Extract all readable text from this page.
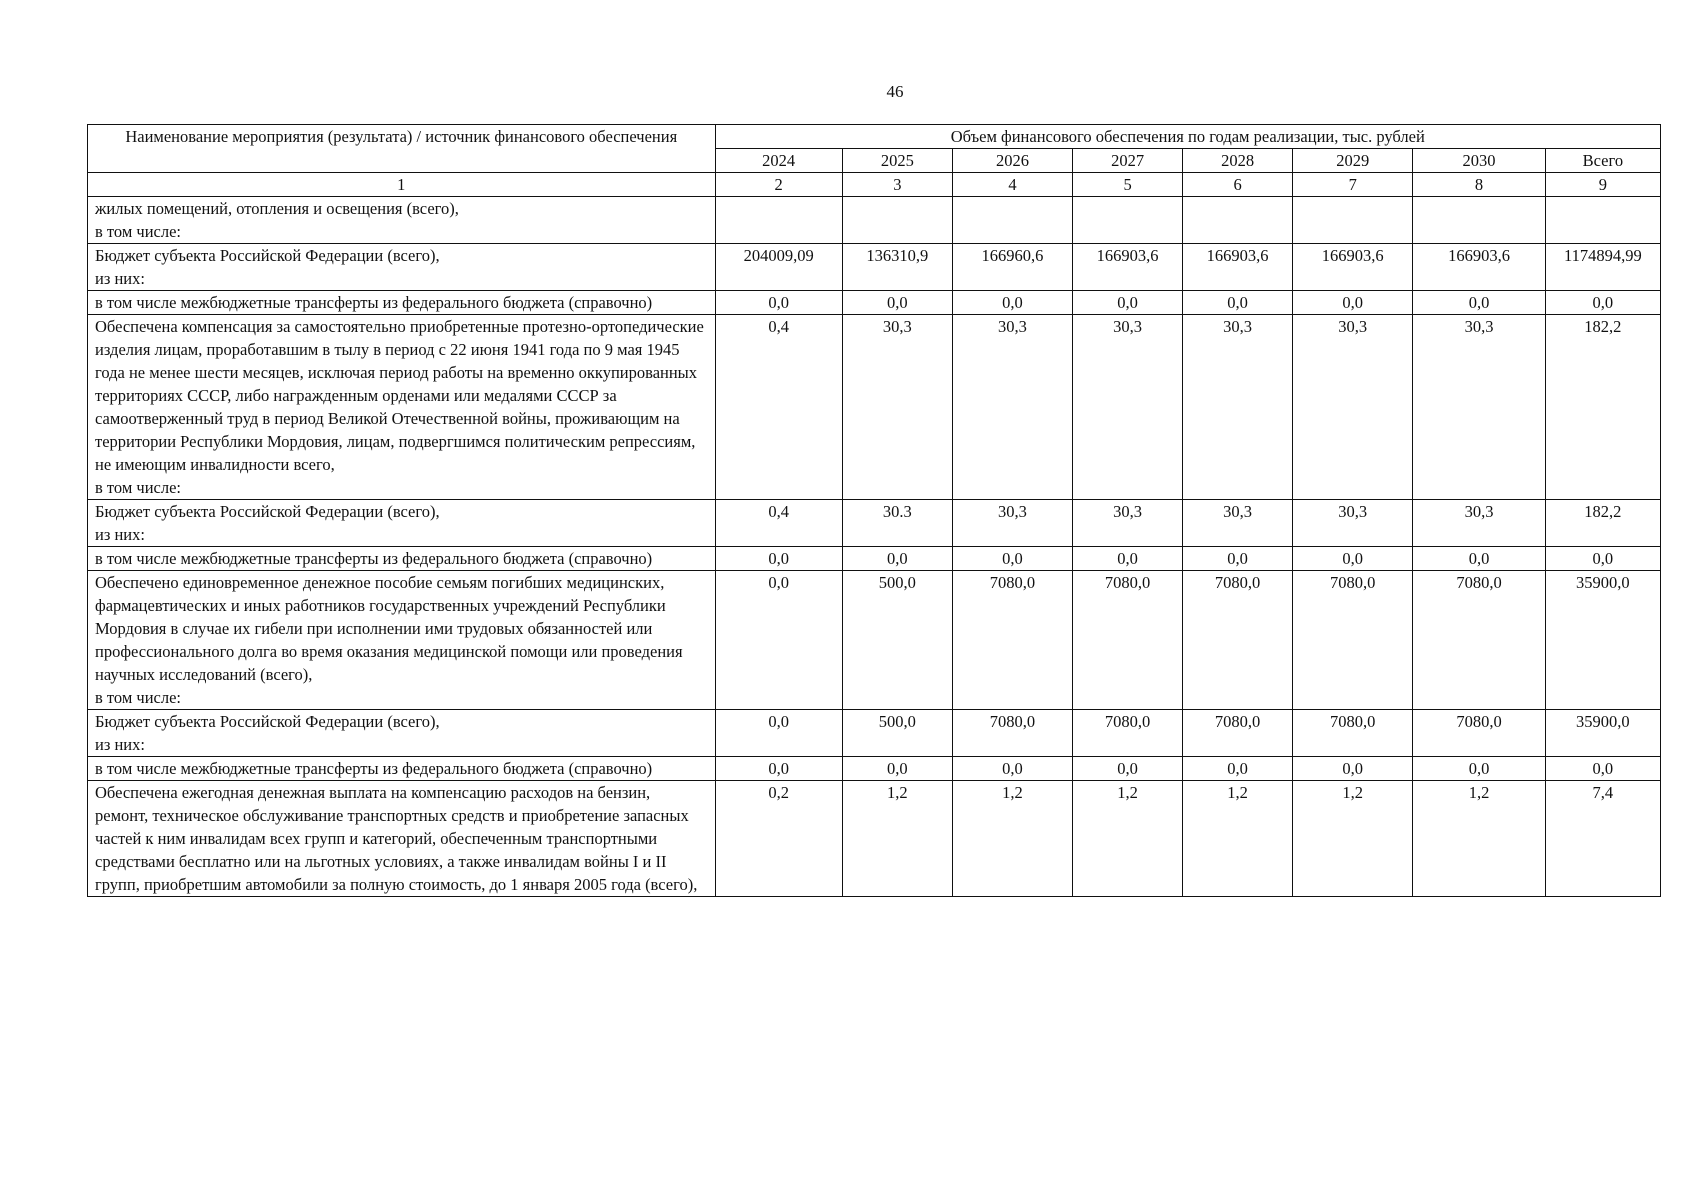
46
Наименование мероприятия (результата) / источник финансового обеспечения	Объем финансового обеспечения по годам реализации, тыс. рублей							
	2024	2025	2026	2027	2028	2029	2030	Всего
1	2	3	4	5	6	7	8	9
жилых помещений, отопления и освещения (всего),
в том числе:								

Бюджет субъекта Российской Федерации (всего),
из них:	204009,09	136310,9	166960,6	166903,6	166903,6	166903,6	166903,6	1174894,99
в том числе межбюджетные трансферты из федерального бюджета (справочно)	0,0	0,0	0,0	0,0	0,0	0,0	0,0	0,0
Обеспечена компенсация за самостоятельно приобретенные протезно-ортопедические изделия лицам, проработавшим в тылу в период с 22 июня 1941 года по 9 мая 1945 года не менее шести месяцев, исключая период работы на временно оккупированных территориях СССР, либо награжденным орденами или медалями СССР за самоотверженный труд в период Великой Отечественной войны, проживающим на территории Республики Мордовия, лицам, подвергшимся политическим репрессиям, не имеющим инвалидности всего,
в том числе:	0,4	30,3	30,3	30,3	30,3	30,3	30,3	182,2
Бюджет субъекта Российской Федерации (всего),
из них:	0,4	30.3	30,3	30,3	30,3	30,3	30,3	182,2
в том числе межбюджетные трансферты из федерального бюджета (справочно)	0,0	0,0	0,0	0,0	0,0	0,0	0,0	0,0
Обеспечено единовременное денежное пособие семьям погибших медицинских, фармацевтических и иных работников государственных учреждений Республики Мордовия в случае их гибели при исполнении ими трудовых обязанностей или профессионального долга во время оказания медицинской помощи или проведения научных исследований (всего),
в том числе:	0,0	500,0	7080,0	7080,0	7080,0	7080,0	7080,0	35900,0
Бюджет субъекта Российской Федерации (всего),
из них:	0,0	500,0	7080,0	7080,0	7080,0	7080,0	7080,0	35900,0
в том числе межбюджетные трансферты из федерального бюджета (справочно)	0,0	0,0	0,0	0,0	0,0	0,0	0,0	0,0
Обеспечена ежегодная денежная выплата на компенсацию расходов на бензин, ремонт, техническое обслуживание транспортных средств и приобретение запасных частей к ним инвалидам всех групп и категорий, обеспеченным транспортными средствами бесплатно или на льготных условиях, а также инвалидам войны I и II групп, приобретшим автомобили за полную стоимость, до 1 января 2005 года (всего),	0,2	1,2	1,2	1,2	1,2	1,2	1,2	7,4
